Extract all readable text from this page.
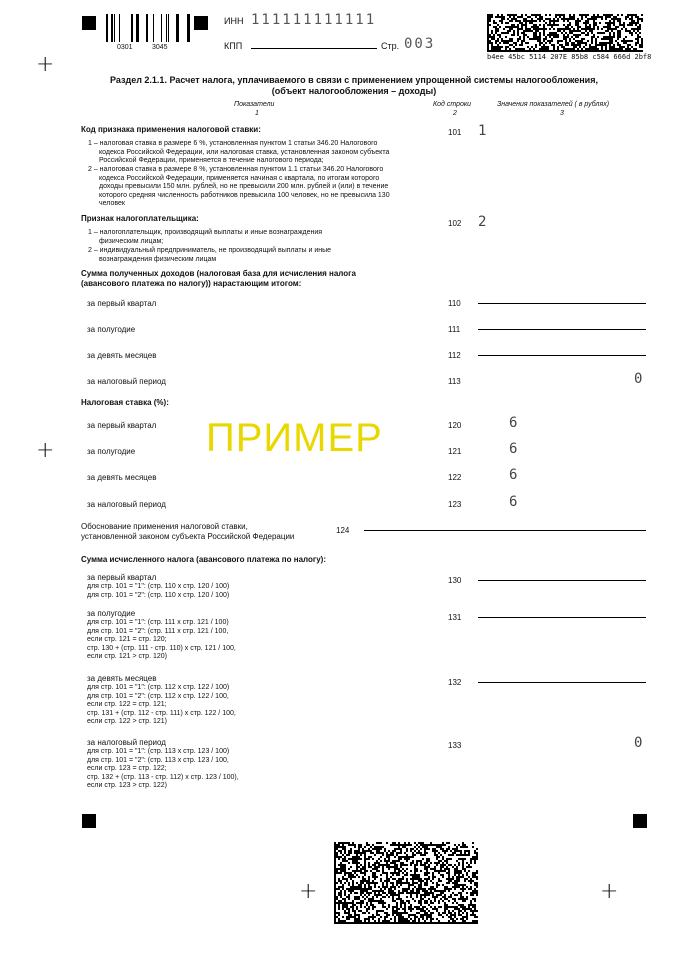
+
+
+	+
0301	3045
ИНН 111111111111
КПП	Стр. 003
b4ee 45bc 5114 207E 85b8 c584 666d 2bf8
Раздел 2.1.1. Расчет налога, уплачиваемого в связи с применением упрощенной системы налогообложения,
(объект налогообложения – доходы)
Показатели
1
Код строки
2
Значения показателей ( в рублях)
3
Код признака применения налоговой ставки:
1 – налоговая ставка в размере 6 %, установленная пунктом 1 статьи 346.20 Налогового
кодекса Российской Федерации, или налоговая ставка, установленная законом субъекта
Российской Федерации, применяется в течение налогового периода;
2 – налоговая ставка в размере 8 %, установленная пунктом 1.1 статьи 346.20 Налогового
кодекса Российской Федерации, применяется начиная с квартала, по итогам которого
доходы превысили 150 млн. рублей, но не превысили 200 млн. рублей и (или) в течение
которого средняя численность работников превысила 100 человек, но не превысила 130
человек
101 1
Признак налогоплательщика:
1 – налогоплательщик, производящий выплаты и иные вознаграждения
физическим лицам;
2 – индивидуальный предприниматель, не производящий выплаты и иные
вознаграждения физическим лицам
102 2
Сумма полученных доходов (налоговая база для исчисления налога
(авансового платежа по налогу)) нарастающим итогом:
за первый квартал	110
за полугодие	111
за девять месяцев	112
за налоговый период	113	0
Налоговая ставка (%):
ПРИМЕР
за первый квартал	120	6
за полугодие	121	6
за девять месяцев	122	6
за налоговый период	123	6
Обоснование применения налоговой ставки,
установленной законом субъекта Российской Федерации
124
Сумма исчисленного налога (авансового платежа по налогу):
за первый квартал
для стр. 101 = "1": (стр. 110 х стр. 120 / 100)
для стр. 101 = "2": (стр. 110 х стр. 120 / 100)
130
за полугодие
для стр. 101 = "1": (стр. 111 х стр. 121 / 100)
для стр. 101 = "2": (стр. 111 х стр. 121 / 100,
если стр. 121 = стр. 120;
стр. 130 + (стр. 111 - стр. 110) х стр. 121 / 100,
если стр. 121 > стр. 120)
131
за девять месяцев
для стр. 101 = "1": (стр. 112 х стр. 122 / 100)
для стр. 101 = "2": (стр. 112 х стр. 122 / 100,
если стр. 122 = стр. 121;
стр. 131 + (стр. 112 - стр. 111) х стр. 122 / 100,
если стр. 122 > стр. 121)
132
за налоговый период
для стр. 101 = "1": (стр. 113 х стр. 123 / 100)
для стр. 101 = "2": (стр. 113 х стр. 123 / 100,
если стр. 123 = стр. 122;
стр. 132 + (стр. 113 - стр. 112) х стр. 123 / 100),
если стр. 123 > стр. 122)
133	0
